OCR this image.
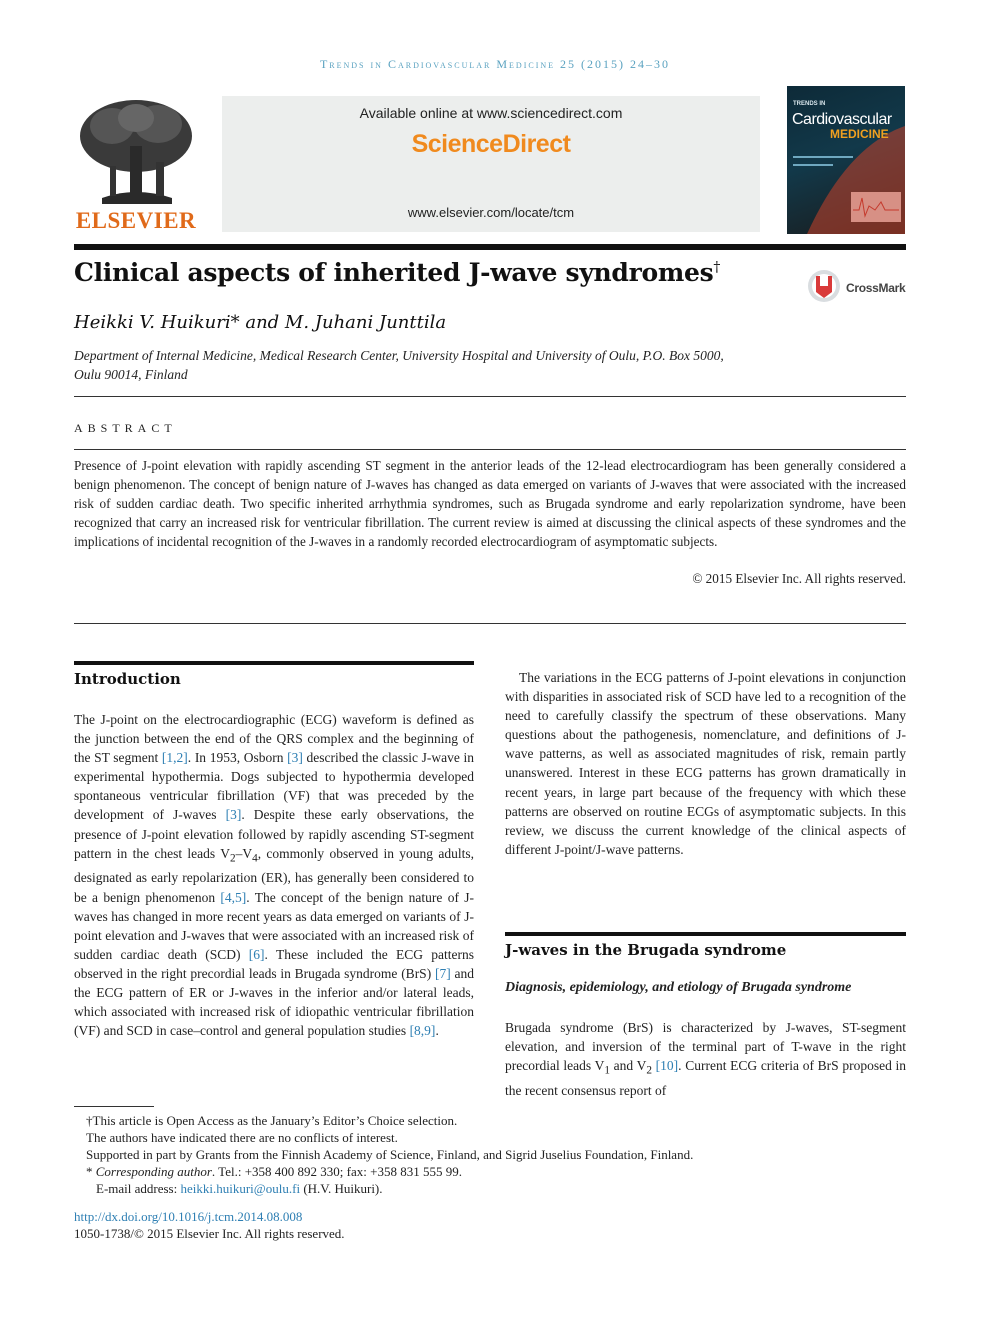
Trends in Cardiovascular Medicine 25 (2015) 24–30
ELSEVIER
Available online at www.sciencedirect.com
ScienceDirect
www.elsevier.com/locate/tcm
TRENDS IN
Cardiovascular
MEDICINE
Clinical aspects of inherited J-wave syndromes†
CrossMark
Heikki V. Huikuri* and M. Juhani Junttila
Department of Internal Medicine, Medical Research Center, University Hospital and University of Oulu, P.O. Box 5000,
Oulu 90014, Finland
ABSTRACT
Presence of J-point elevation with rapidly ascending ST segment in the anterior leads of the 12-lead electrocardiogram has been generally considered a benign phenomenon. The concept of benign nature of J-waves has changed as data emerged on variants of J-waves that were associated with the increased risk of sudden cardiac death. Two specific inherited arrhythmia syndromes, such as Brugada syndrome and early repolarization syndrome, have been recognized that carry an increased risk for ventricular fibrillation. The current review is aimed at discussing the clinical aspects of these syndromes and the implications of incidental recognition of the J-waves in a randomly recorded electrocardiogram of asymptomatic subjects.
© 2015 Elsevier Inc. All rights reserved.
Introduction
The J-point on the electrocardiographic (ECG) waveform is defined as the junction between the end of the QRS complex and the beginning of the ST segment [1,2]. In 1953, Osborn [3] described the classic J-wave in experimental hypothermia. Dogs subjected to hypothermia developed spontaneous ventricular fibrillation (VF) that was preceded by the development of J-waves [3]. Despite these early observations, the presence of J-point elevation followed by rapidly ascending ST-segment pattern in the chest leads $V_2-V_4$, commonly observed in young adults, designated as early repolarization (ER), has generally been considered to be a benign phenomenon [4,5]. The concept of the benign nature of J-waves has changed in more recent years as data emerged on variants of J-point elevation and J-waves that were associated with an increased risk of sudden cardiac death (SCD) [6]. These included the ECG patterns observed in the right precordial leads in Brugada syndrome (BrS) [7] and the ECG pattern of ER or J-waves in the inferior and/or lateral leads, which associated with increased risk of idiopathic ventricular fibrillation (VF) and SCD in case–control and general population studies [8,9].
The variations in the ECG patterns of J-point elevations in conjunction with disparities in associated risk of SCD have led to a recognition of the need to carefully classify the spectrum of these observations. Many questions about the pathogenesis, nomenclature, and definitions of J-wave patterns, as well as associated magnitudes of risk, remain partly unanswered. Interest in these ECG patterns has grown dramatically in recent years, in large part because of the frequency with which these patterns are observed on routine ECGs of asymptomatic subjects. In this review, we discuss the current knowledge of the clinical aspects of different J-point/J-wave patterns.
J-waves in the Brugada syndrome
Diagnosis, epidemiology, and etiology of Brugada syndrome
Brugada syndrome (BrS) is characterized by J-waves, ST-segment elevation, and inversion of the terminal part of T-wave in the right precordial leads $V_1$ and $V_2$ [10]. Current ECG criteria of BrS proposed in the recent consensus report of
†This article is Open Access as the January’s Editor’s Choice selection.
The authors have indicated there are no conflicts of interest.
Supported in part by Grants from the Finnish Academy of Science, Finland, and Sigrid Juselius Foundation, Finland.
* Corresponding author. Tel.: +358 400 892 330; fax: +358 831 555 99.
E-mail address: heikki.huikuri@oulu.fi (H.V. Huikuri).
http://dx.doi.org/10.1016/j.tcm.2014.08.008
1050-1738/© 2015 Elsevier Inc. All rights reserved.
